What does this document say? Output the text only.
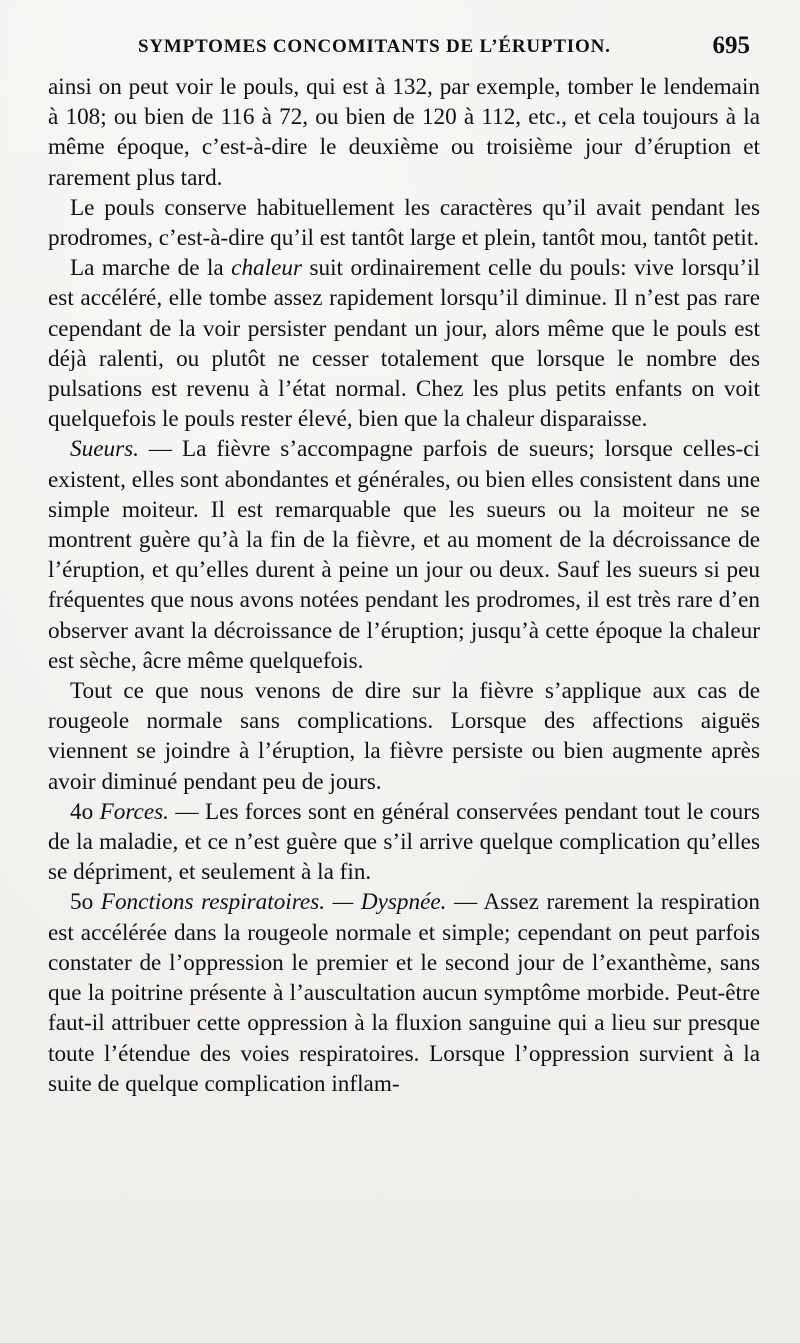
SYMPTOMES CONCOMITANTS DE L’ÉRUPTION.	695

ainsi on peut voir le pouls, qui est à 132, par exemple, tomber le lendemain à 108; ou bien de 116 à 72, ou bien de 120 à 112, etc., et cela toujours à la même époque, c’est-à-dire le deuxième ou troisième jour d’éruption et rarement plus tard.

Le pouls conserve habituellement les caractères qu’il avait pendant les prodromes, c’est-à-dire qu’il est tantôt large et plein, tantôt mou, tantôt petit.

La marche de la chaleur suit ordinairement celle du pouls: vive lorsqu’il est accéléré, elle tombe assez rapidement lorsqu’il diminue. Il n’est pas rare cependant de la voir persister pendant un jour, alors même que le pouls est déjà ralenti, ou plutôt ne cesser totalement que lorsque le nombre des pulsations est revenu à l’état normal. Chez les plus petits enfants on voit quelquefois le pouls rester élevé, bien que la chaleur disparaisse.

Sueurs. — La fièvre s’accompagne parfois de sueurs; lorsque celles-ci existent, elles sont abondantes et générales, ou bien elles consistent dans une simple moiteur. Il est remarquable que les sueurs ou la moiteur ne se montrent guère qu’à la fin de la fièvre, et au moment de la décroissance de l’éruption, et qu’elles durent à peine un jour ou deux. Sauf les sueurs si peu fréquentes que nous avons notées pendant les prodromes, il est très rare d’en observer avant la décroissance de l’éruption; jusqu’à cette époque la chaleur est sèche, âcre même quelquefois.

Tout ce que nous venons de dire sur la fièvre s’applique aux cas de rougeole normale sans complications. Lorsque des affections aiguës viennent se joindre à l’éruption, la fièvre persiste ou bien augmente après avoir diminué pendant peu de jours.

4o Forces. — Les forces sont en général conservées pendant tout le cours de la maladie, et ce n’est guère que s’il arrive quelque complication qu’elles se dépriment, et seulement à la fin.

5o Fonctions respiratoires. — Dyspnée. — Assez rarement la respiration est accélérée dans la rougeole normale et simple; cependant on peut parfois constater de l’oppression le premier et le second jour de l’exanthème, sans que la poitrine présente à l’auscultation aucun symptôme morbide. Peut-être faut-il attribuer cette oppression à la fluxion sanguine qui a lieu sur presque toute l’étendue des voies respiratoires. Lorsque l’oppression survient à la suite de quelque complication inflam-
